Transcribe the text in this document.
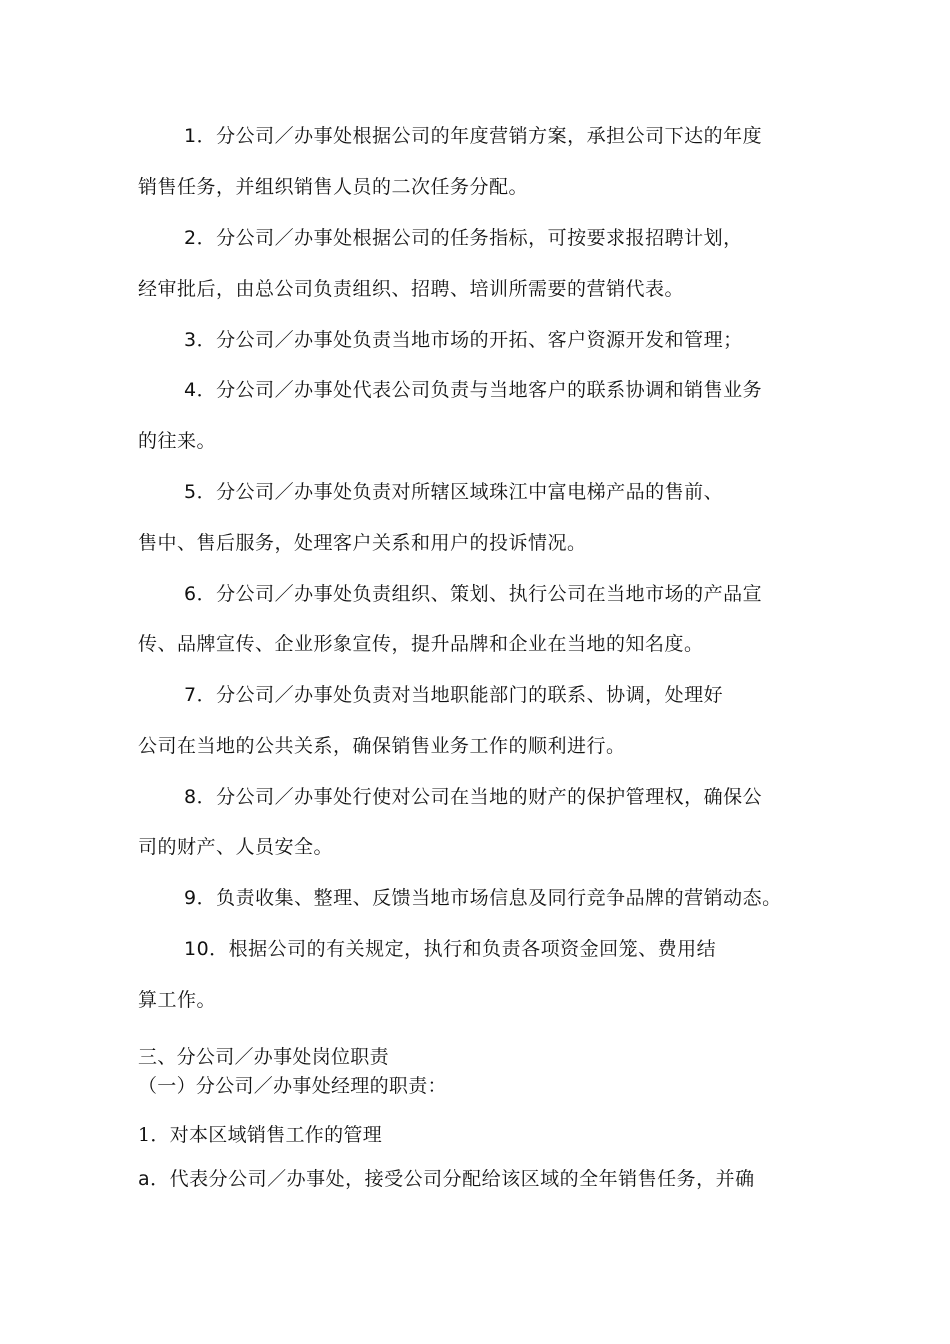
1．分公司／办事处根据公司的年度营销方案，承担公司下达的年度
销售任务，并组织销售人员的二次任务分配。
2．分公司／办事处根据公司的任务指标，可按要求报招聘计划，
经审批后，由总公司负责组织、招聘、培训所需要的营销代表。
3．分公司／办事处负责当地市场的开拓、客户资源开发和管理；
4．分公司／办事处代表公司负责与当地客户的联系协调和销售业务
的往来。
5．分公司／办事处负责对所辖区域珠江中富电梯产品的售前、
售中、售后服务，处理客户关系和用户的投诉情况。
6．分公司／办事处负责组织、策划、执行公司在当地市场的产品宣
传、品牌宣传、企业形象宣传，提升品牌和企业在当地的知名度。
7．分公司／办事处负责对当地职能部门的联系、协调，处理好
公司在当地的公共关系，确保销售业务工作的顺利进行。
8．分公司／办事处行使对公司在当地的财产的保护管理权，确保公
司的财产、人员安全。
9．负责收集、整理、反馈当地市场信息及同行竞争品牌的营销动态。
10．根据公司的有关规定，执行和负责各项资金回笼、费用结
算工作。
三、分公司／办事处岗位职责
（一）分公司／办事处经理的职责：
1．对本区域销售工作的管理
a．代表分公司／办事处，接受公司分配给该区域的全年销售任务，并确
